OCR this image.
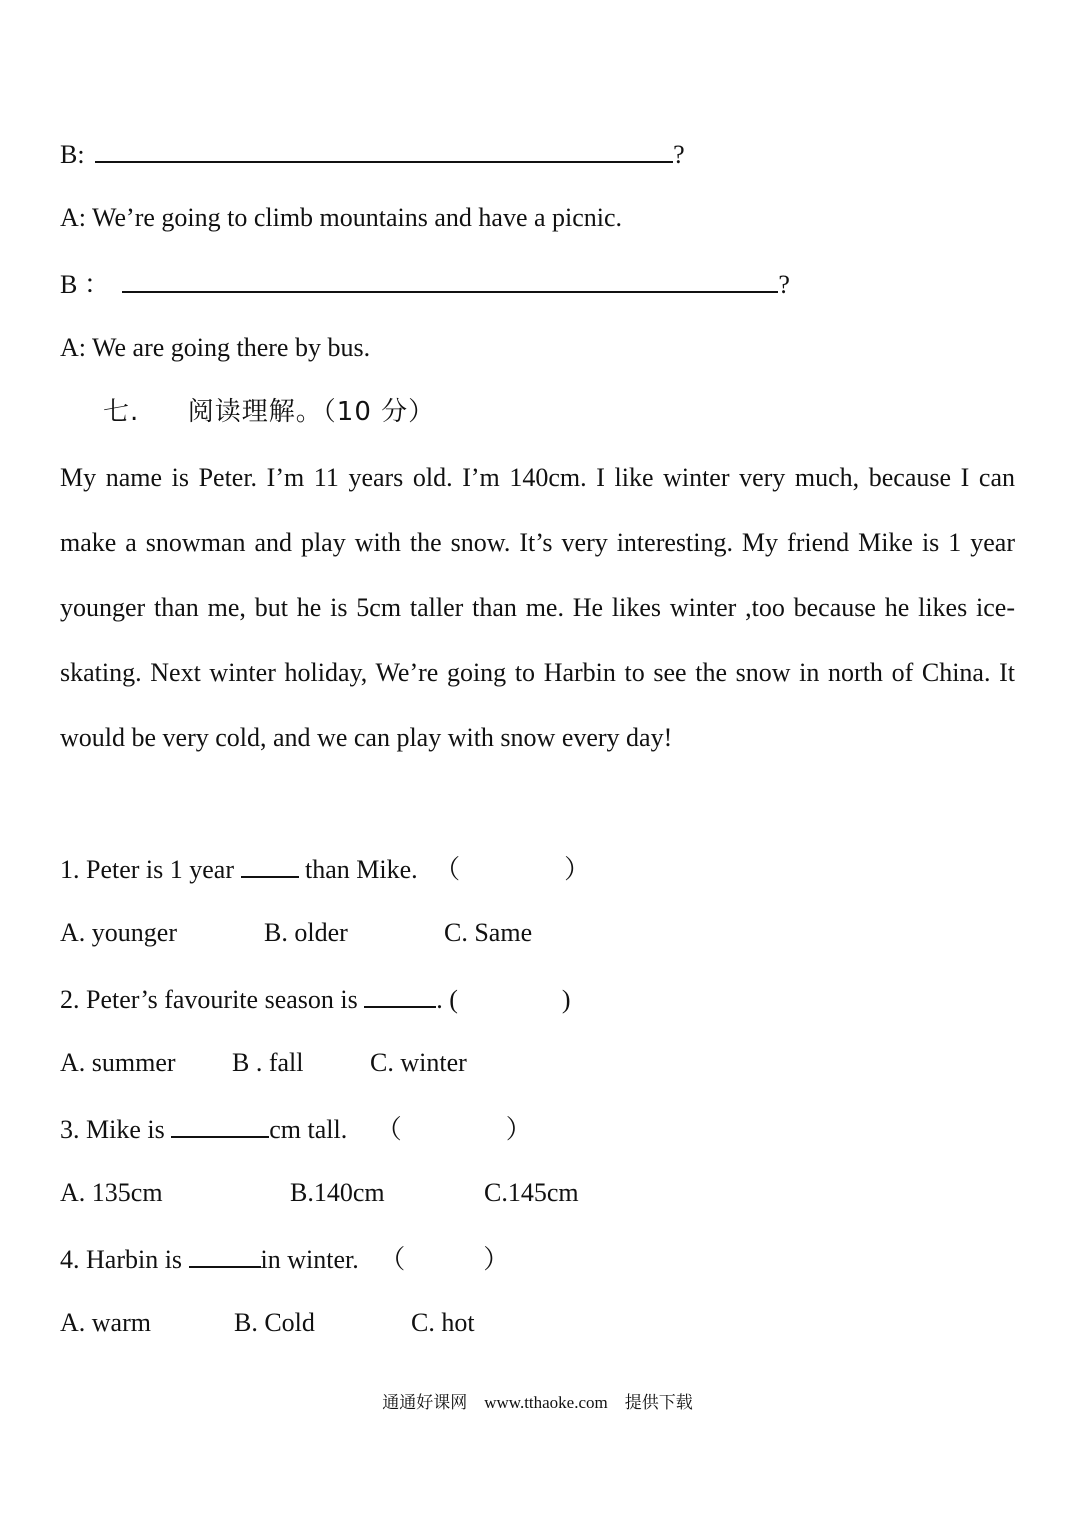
B:	?
A: We’re going to climb mountains and have a picnic.
B ：	?
A: We are going there by bus.
七. 阅读理解。（10 分）
My name is Peter. I’m 11 years old. I’m 140cm. I like winter very much, because I can make a snowman and play with the snow. It’s very interesting. My friend Mike is 1 year younger than me, but he is 5cm taller than me. He likes winter ,too because he likes ice-skating. Next winter holiday, We’re going to Harbin to see the snow in north of China. It would be very cold, and we can play with snow every day!
1. Peter is 1 year	than Mike. （　　　　）
A. younger	B. older	C. Same
2. Peter’s favourite season is	. (　　　　)
A. summer B . fall	C. winter
3. Mike is	cm tall. （　　　　）
A. 135cm	B.140cm	C.145cm
4. Harbin is	in winter. （　　　）
A. warm	B. Cold	C. hot
通通好课网　www.tthaoke.com　提供下载
